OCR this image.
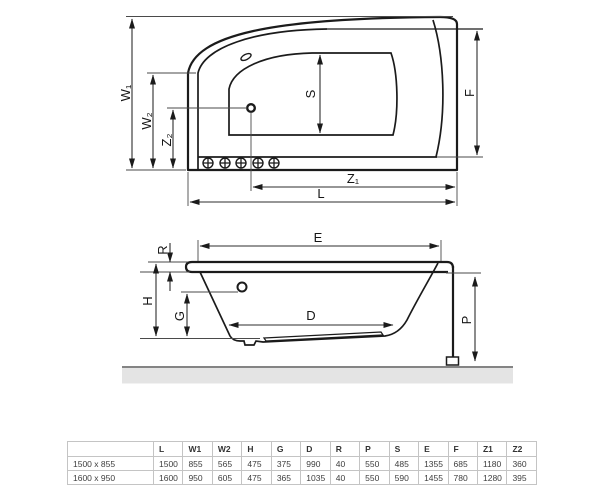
W₁
W₂
Z₂
S	F
Z₁
L
R
E
H
G	D	P
	L	W1	W2	H	G	D	R	P	S	E	F	Z1	Z2
1500 x 855	1500	855	565	475	375	990	40	550	485	1355	685	1180	360
1600 x 950	1600	950	605	475	365	1035	40	550	590	1455	780	1280	395
